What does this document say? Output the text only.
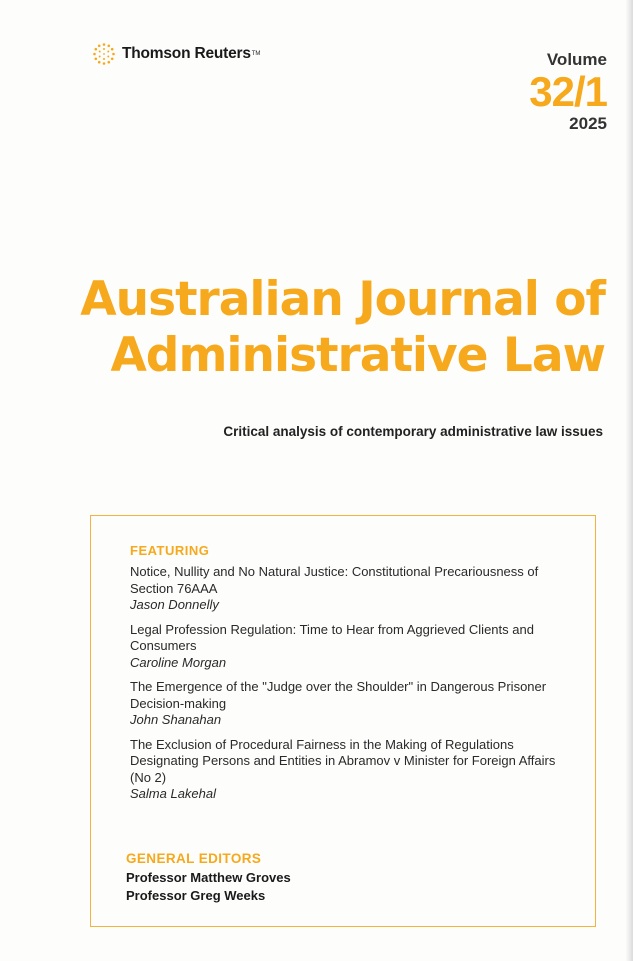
Thomson Reuters TM	Volume
32/1
2025
Australian Journal of
Administrative Law
Critical analysis of contemporary administrative law issues
FEATURING
Notice, Nullity and No Natural Justice: Constitutional Precariousness of Section 76AAA
Jason Donnelly
Legal Profession Regulation: Time to Hear from Aggrieved Clients and Consumers
Caroline Morgan
The Emergence of the "Judge over the Shoulder" in Dangerous Prisoner Decision-making
John Shanahan
The Exclusion of Procedural Fairness in the Making of Regulations Designating Persons and Entities in Abramov v Minister for Foreign Affairs (No 2)
Salma Lakehal
GENERAL EDITORS
Professor Matthew Groves
Professor Greg Weeks
